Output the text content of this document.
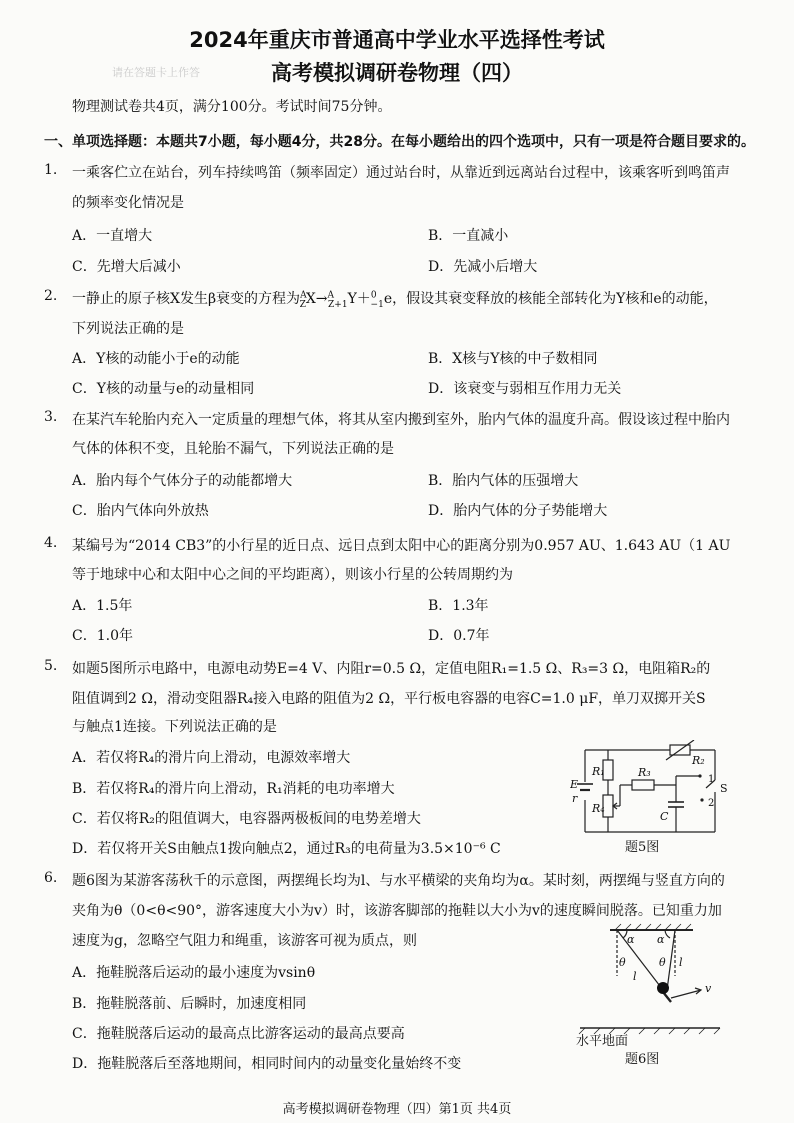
2024年重庆市普通高中学业水平选择性考试
高考模拟调研卷物理（四）
请在答题卡上作答
物理测试卷共4页，满分100分。考试时间75分钟。
一、单项选择题：本题共7小题，每小题4分，共28分。在每小题给出的四个选项中，只有一项是符合题目要求的。
1. 一乘客伫立在站台，列车持续鸣笛（频率固定）通过站台时，从靠近到远离站台过程中，该乘客听到鸣笛声
的频率变化情况是
A．一直增大	B．一直减小
C．先增大后减小	D．先减小后增大
2. 一静止的原子核X发生β衰变的方程为$^A_Z$X→$^A_{Z+1}$Y＋$^0_{-1}$e，假设其衰变释放的核能全部转化为Y核和e的动能，
下列说法正确的是
A．Y核的动能小于e的动能	B．X核与Y核的中子数相同
C．Y核的动量与e的动量相同	D．该衰变与弱相互作用力无关
3. 在某汽车轮胎内充入一定质量的理想气体，将其从室内搬到室外，胎内气体的温度升高。假设该过程中胎内
气体的体积不变，且轮胎不漏气，下列说法正确的是
A．胎内每个气体分子的动能都增大	B．胎内气体的压强增大
C．胎内气体向外放热	D．胎内气体的分子势能增大
4. 某编号为“2014 CB3”的小行星的近日点、远日点到太阳中心的距离分别为0.957 AU、1.643 AU（1 AU
等于地球中心和太阳中心之间的平均距离），则该小行星的公转周期约为
A．1.5年	B．1.3年
C．1.0年	D．0.7年
5. 如题5图所示电路中，电源电动势E=4 V、内阻r=0.5 Ω，定值电阻R₁=1.5 Ω、R₃=3 Ω，电阻箱R₂的
阻值调到2 Ω，滑动变阻器R₄接入电路的阻值为2 Ω，平行板电容器的电容C=1.0 μF，单刀双掷开关S
与触点1连接。下列说法正确的是
A．若仅将R₄的滑片向上滑动，电源效率增大
B．若仅将R₄的滑片向上滑动，R₁消耗的电功率增大
C．若仅将R₂的阻值调大，电容器两极板间的电势差增大
D．若仅将开关S由触点1拨向触点2，通过R₃的电荷量为3.5×10⁻⁶ C
E
r
R₁
R₂
R₃
R₄
C
S
1
2
题5图
6. 题6图为某游客荡秋千的示意图，两摆绳长均为l、与水平横梁的夹角均为α。某时刻，两摆绳与竖直方向的
夹角为θ（0<θ<90°，游客速度大小为v）时，该游客脚部的拖鞋以大小为v的速度瞬间脱落。已知重力加
速度为g，忽略空气阻力和绳重，该游客可视为质点，则
A．拖鞋脱落后运动的最小速度为vsinθ
B．拖鞋脱落前、后瞬时，加速度相同
C．拖鞋脱落后运动的最高点比游客运动的最高点要高
D．拖鞋脱落后至落地期间，相同时间内的动量变化量始终不变
α α
θ	θ
l
l
v
水平地面
题6图
高考模拟调研卷物理（四）第1页 共4页
